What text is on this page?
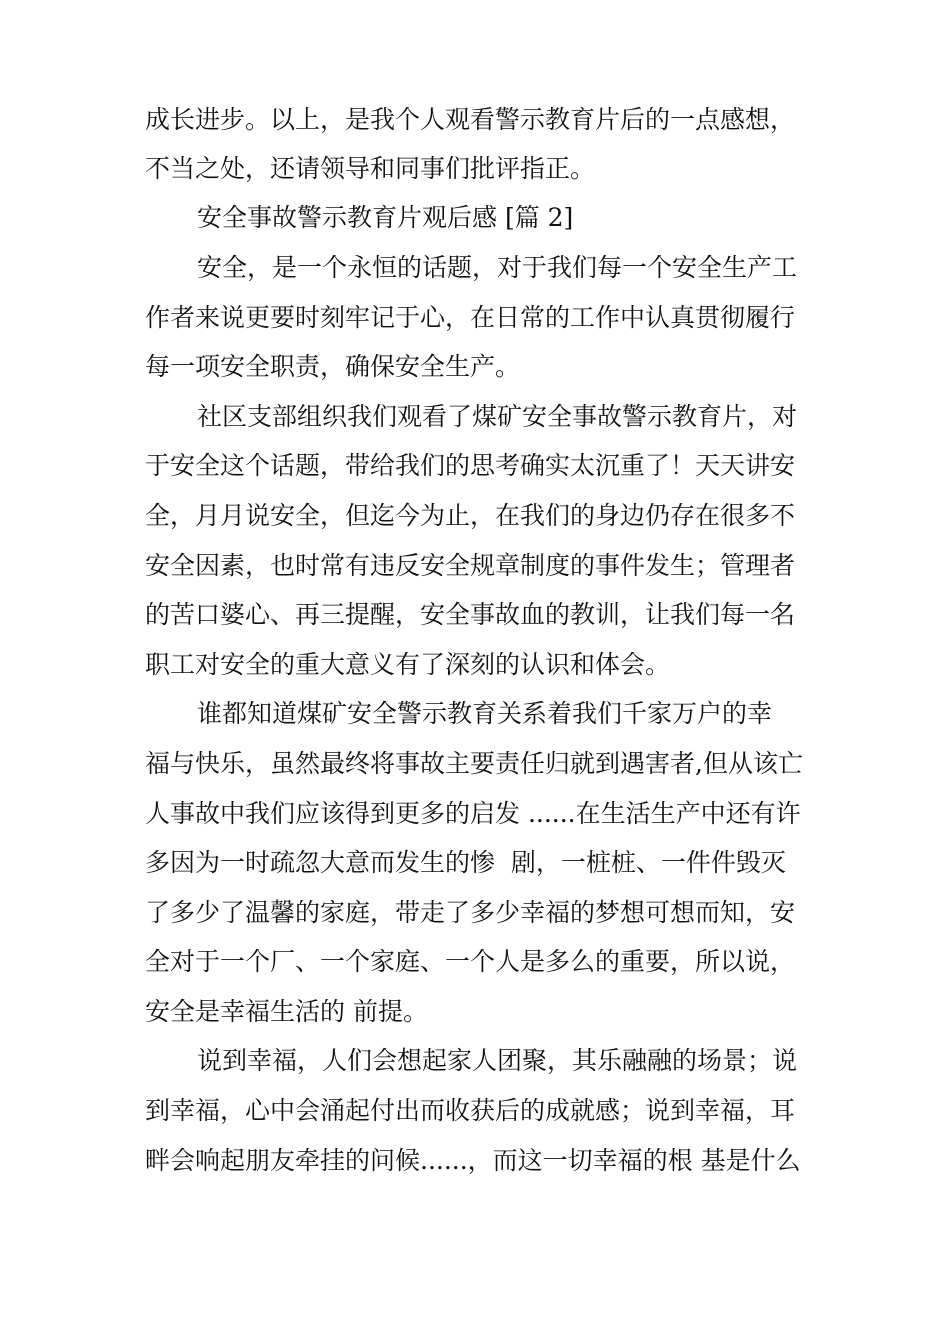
成长进步。以上，是我个人观看警示教育片后的一点感想，
不当之处，还请领导和同事们批评指正。
安全事故警示教育片观后感 [篇 2]
安全，是一个永恒的话题，对于我们每一个安全生产工
作者来说更要时刻牢记于心，在日常的工作中认真贯彻履行
每一项安全职责，确保安全生产。
社区支部组织我们观看了煤矿安全事故警示教育片，对
于安全这个话题，带给我们的思考确实太沉重了！天天讲安
全，月月说安全，但迄今为止，在我们的身边仍存在很多不
安全因素，也时常有违反安全规章制度的事件发生；管理者
的苦口婆心、再三提醒，安全事故血的教训，让我们每一名
职工对安全的重大意义有了深刻的认识和体会。
谁都知道煤矿安全警示教育关系着我们千家万户的幸
福与快乐，虽然最终将事故主要责任归就到遇害者,但从该亡
人事故中我们应该得到更多的启发 ......在生活生产中还有许
多因为一时疏忽大意而发生的惨  剧，一桩桩、一件件毁灭
了多少了温馨的家庭，带走了多少幸福的梦想可想而知，安
全对于一个厂、一个家庭、一个人是多么的重要，所以说，
安全是幸福生活的 前提。
说到幸福，人们会想起家人团聚，其乐融融的场景；说
到幸福，心中会涌起付出而收获后的成就感；说到幸福，耳
畔会响起朋友牵挂的问候......，而这一切幸福的根 基是什么
